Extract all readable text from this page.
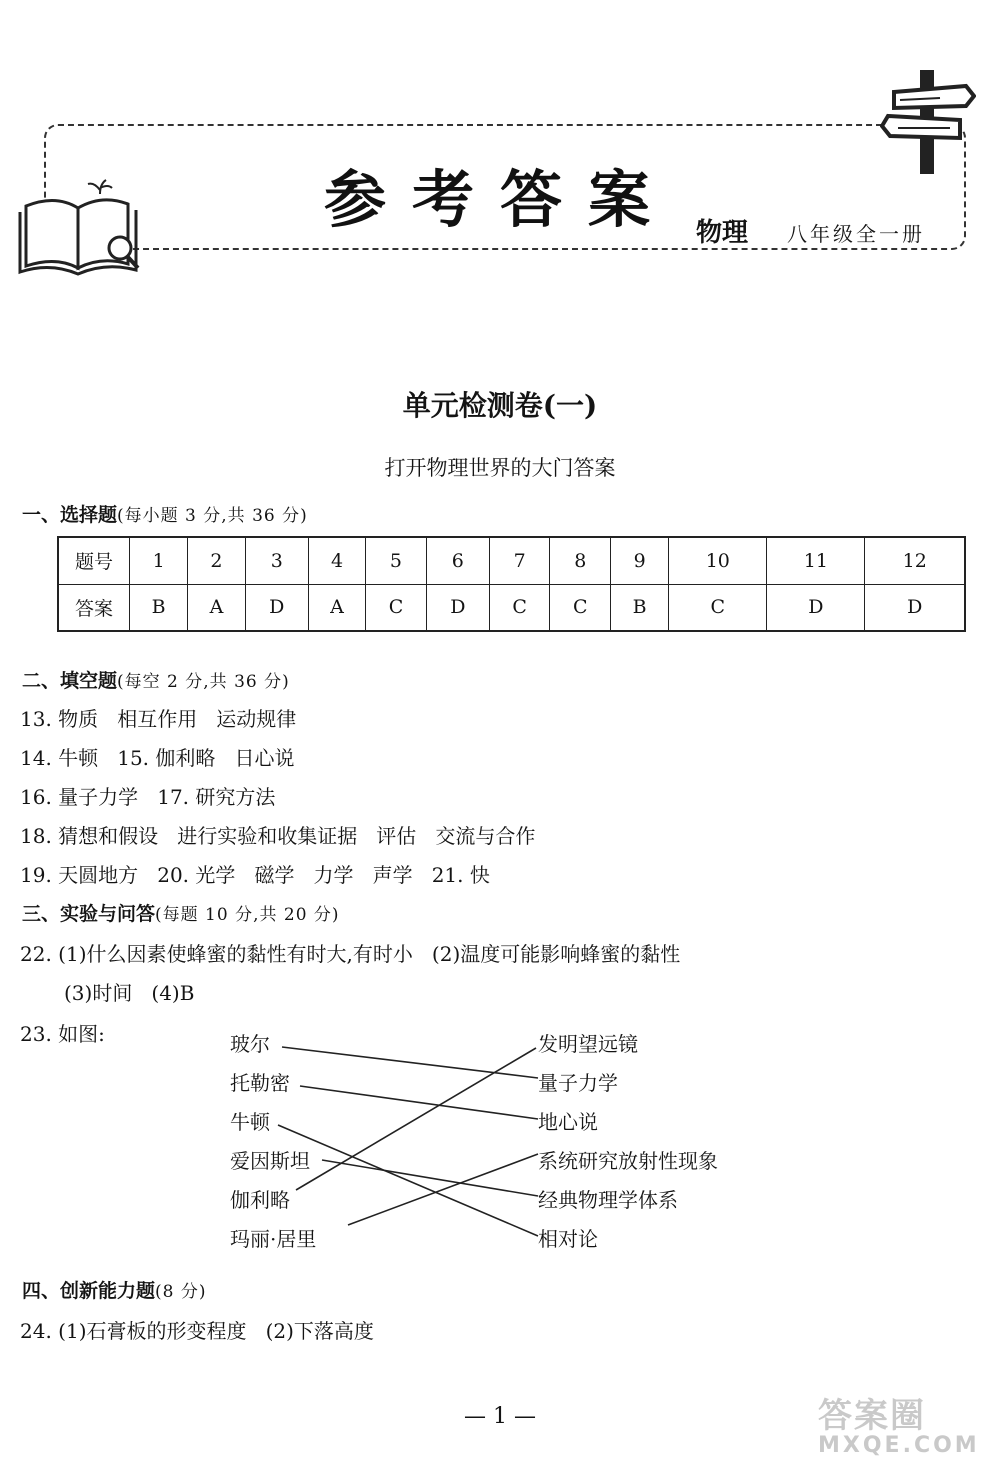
参考答案 物理 八年级全一册
单元检测卷(一)
打开物理世界的大门答案
一、选择题(每小题 3 分,共 36 分)
题号	1	2	3	4	5	6	7	8	9	10	11	12
答案	B	A	D	A	C	D	C	C	B	C	D	D
二、填空题(每空 2 分,共 36 分)
13. 物质   相互作用   运动规律
14. 牛顿   15. 伽利略   日心说
16. 量子力学   17. 研究方法
18. 猜想和假设   进行实验和收集证据   评估   交流与合作
19. 天圆地方   20. 光学   磁学   力学   声学   21. 快
三、实验与问答(每题 10 分,共 20 分)
22. (1)什么因素使蜂蜜的黏性有时大,有时小   (2)温度可能影响蜂蜜的黏性
(3)时间   (4)B
23. 如图:	玻尔
托勒密
牛顿
爱因斯坦
伽利略
玛丽·居里
发明望远镜
量子力学
地心说
系统研究放射性现象
经典物理学体系
相对论
四、创新能力题(8 分)
24. (1)石膏板的形变程度   (2)下落高度
— 1 —	答案圈
MXQE.COM
